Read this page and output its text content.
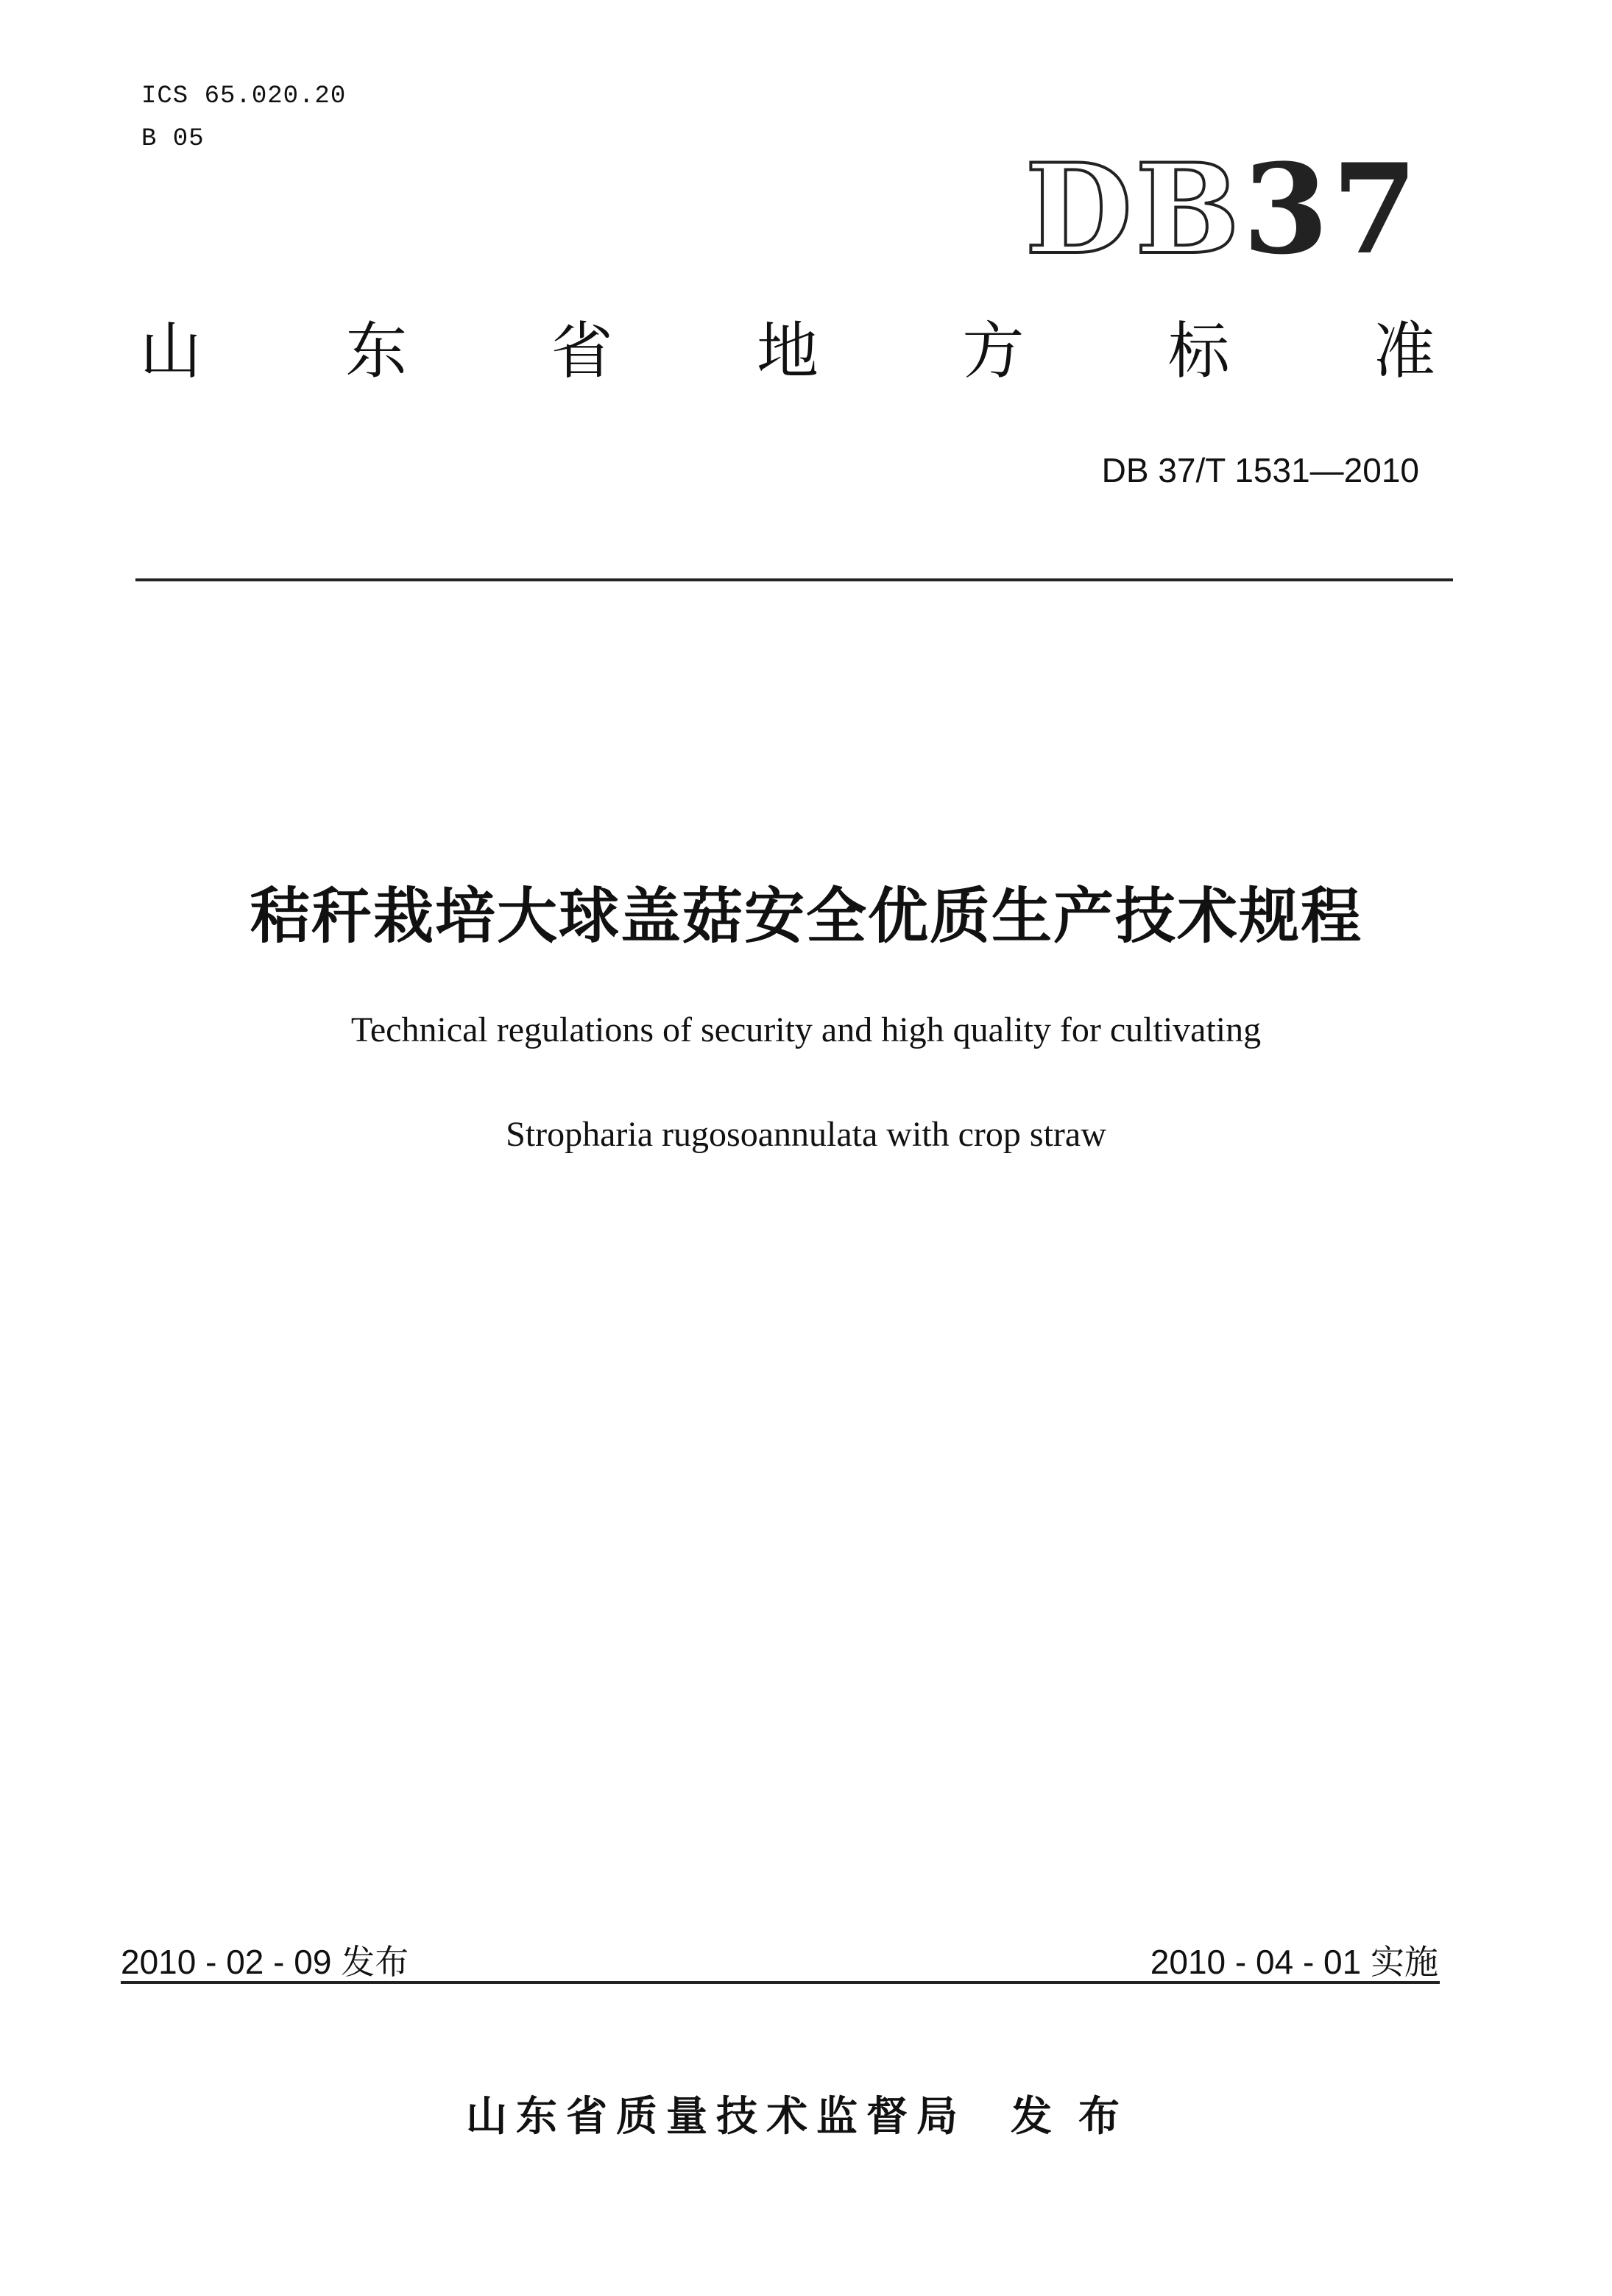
ICS 65.020.20
B 05	DB37
山 东 省 地 方 标 准
DB 37/T 1531—2010
秸秆栽培大球盖菇安全优质生产技术规程
Technical regulations of security and high quality for cultivating
Stropharia rugosoannulata with crop straw
2010 - 02 - 09 发布	2010 - 04 - 01 实施
山东省质量技术监督局 发布
